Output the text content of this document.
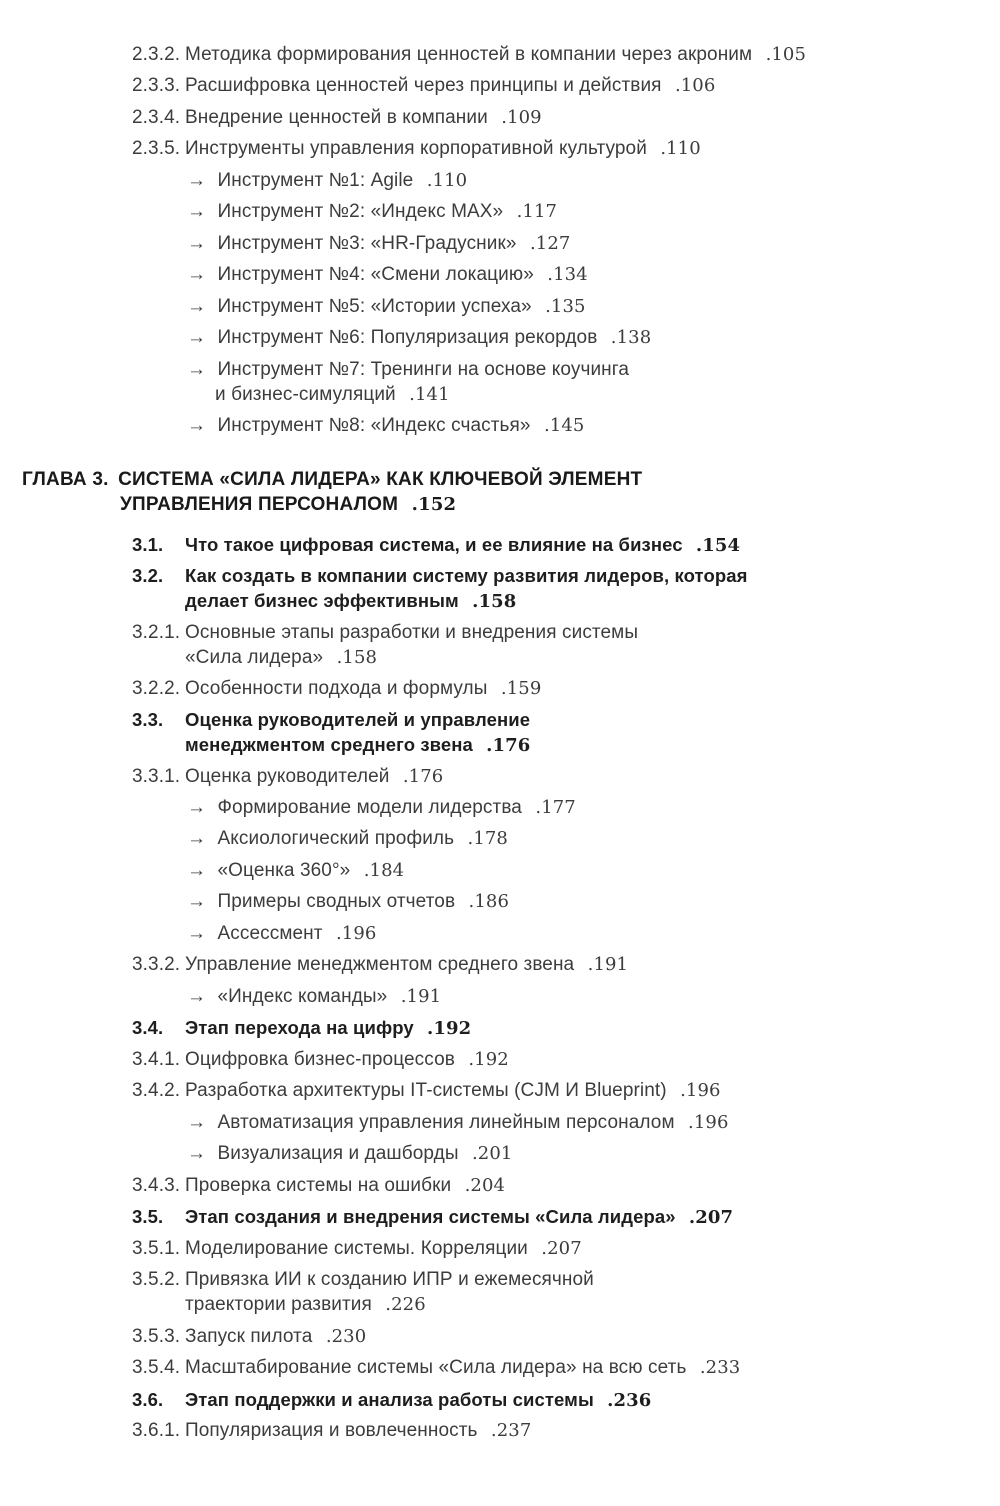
2.3.2. Методика формирования ценностей в компании через акроним .105
2.3.3. Расшифровка ценностей через принципы и действия .106
2.3.4. Внедрение ценностей в компании .109
2.3.5. Инструменты управления корпоративной культурой .110
→ Инструмент №1: Agile .110
→ Инструмент №2: «Индекс MAX» .117
→ Инструмент №3: «HR-Градусник» .127
→ Инструмент №4: «Смени локацию» .134
→ Инструмент №5: «Истории успеха» .135
→ Инструмент №6: Популяризация рекордов .138
→ Инструмент №7: Тренинги на основе коучинга
и бизнес-симуляций .141
→ Инструмент №8: «Индекс счастья» .145
ГЛАВА 3. СИСТЕМА «СИЛА ЛИДЕРА» КАК КЛЮЧЕВОЙ ЭЛЕМЕНТ
УПРАВЛЕНИЯ ПЕРСОНАЛОМ .152
3.1. Что такое цифровая система, и ее влияние на бизнес .154
3.2. Как создать в компании систему развития лидеров, которая
делает бизнес эффективным .158
3.2.1. Основные этапы разработки и внедрения системы
«Сила лидера» .158
3.2.2. Особенности подхода и формулы .159
3.3. Оценка руководителей и управление
менеджментом среднего звена .176
3.3.1. Оценка руководителей .176
→ Формирование модели лидерства .177
→ Аксиологический профиль .178
→ «Оценка 360°» .184
→ Примеры сводных отчетов .186
→ Ассессмент .196
3.3.2. Управление менеджментом среднего звена .191
→ «Индекс команды» .191
3.4. Этап перехода на цифру .192
3.4.1. Оцифровка бизнес-процессов .192
3.4.2. Разработка архитектуры IT-системы (CJM И Blueprint) .196
→ Автоматизация управления линейным персоналом .196
→ Визуализация и дашборды .201
3.4.3. Проверка системы на ошибки .204
3.5. Этап создания и внедрения системы «Сила лидера» .207
3.5.1. Моделирование системы. Корреляции .207
3.5.2. Привязка ИИ к созданию ИПР и ежемесячной
траектории развития .226
3.5.3. Запуск пилота .230
3.5.4. Масштабирование системы «Сила лидера» на всю сеть .233
3.6. Этап поддержки и анализа работы системы .236
3.6.1. Популяризация и вовлеченность .237
